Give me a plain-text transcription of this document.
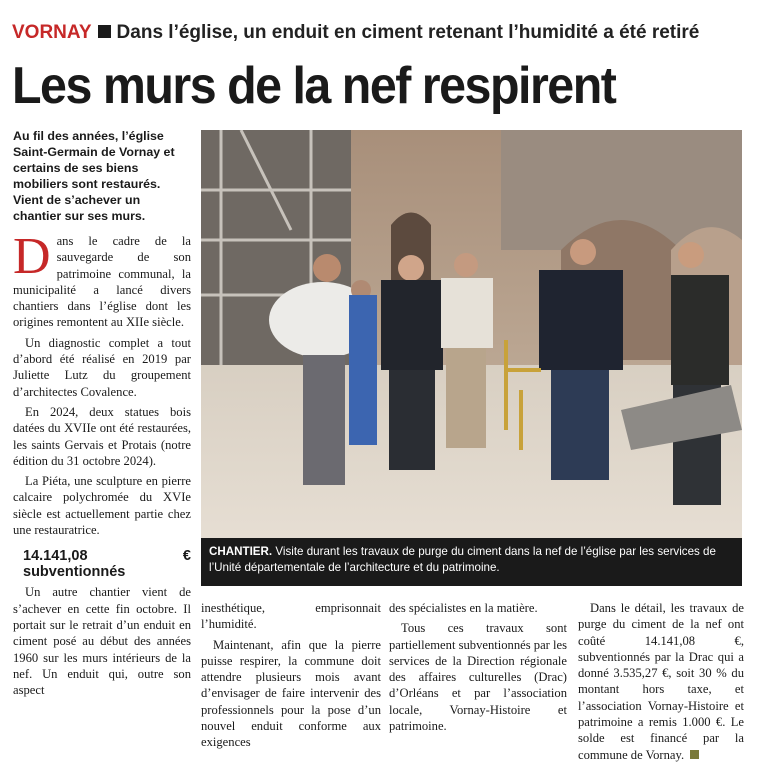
VORNAY Dans l’église, un enduit en ciment retenant l’humidité a été retiré
Les murs de la nef respirent
Au fil des années, l’église Saint-Germain de Vornay et certains de ses biens mobiliers sont restaurés. Vient de s’achever un chantier sur ses murs.

Dans le cadre de la sauvegarde de son patrimoine communal, la municipalité a lancé divers chantiers dans l’église dont les origines remontent au XIIe siècle.

Un diagnostic complet a tout d’abord été réalisé en 2019 par Juliette Lutz du groupement d’architectes Covalence.

En 2024, deux statues bois datées du XVIIe ont été restaurées, les saints Gervais et Protais (notre édition du 31 octobre 2024).

La Piéta, une sculpture en pierre calcaire polychromée du XVIe siècle est actuellement partie chez une restauratrice.

14.141,08 € subventionnés

Un autre chantier vient de s’achever en cette fin octobre. Il portait sur le retrait d’un enduit en ciment posé au début des années 1960 sur les murs intérieurs de la nef. Un enduit qui, outre son aspect

inesthétique, emprisonnait l’humidité.

Maintenant, afin que la pierre puisse respirer, la commune doit attendre plusieurs mois avant d’envisager de faire intervenir des professionnels pour la pose d’un nouvel enduit conforme aux exigences

des spécialistes en la matière.

Tous ces travaux sont partiellement subventionnés par les services de la Direction régionale des affaires culturelles (Drac) d’Orléans et par l’association locale, Vornay-Histoire et patrimoine.

Dans le détail, les travaux de purge du ciment de la nef ont coûté 14.141,08 €, subventionnés par la Drac qui a donné 3.535,27 €, soit 30 % du montant hors taxe, et l’association Vornay-Histoire et patrimoine a remis 1.000 €. Le solde est financé par la commune de Vornay.

CHANTIER. Visite durant les travaux de purge du ciment dans la nef de l’église par les services de l’Unité départementale de l’architecture et du patrimoine.
